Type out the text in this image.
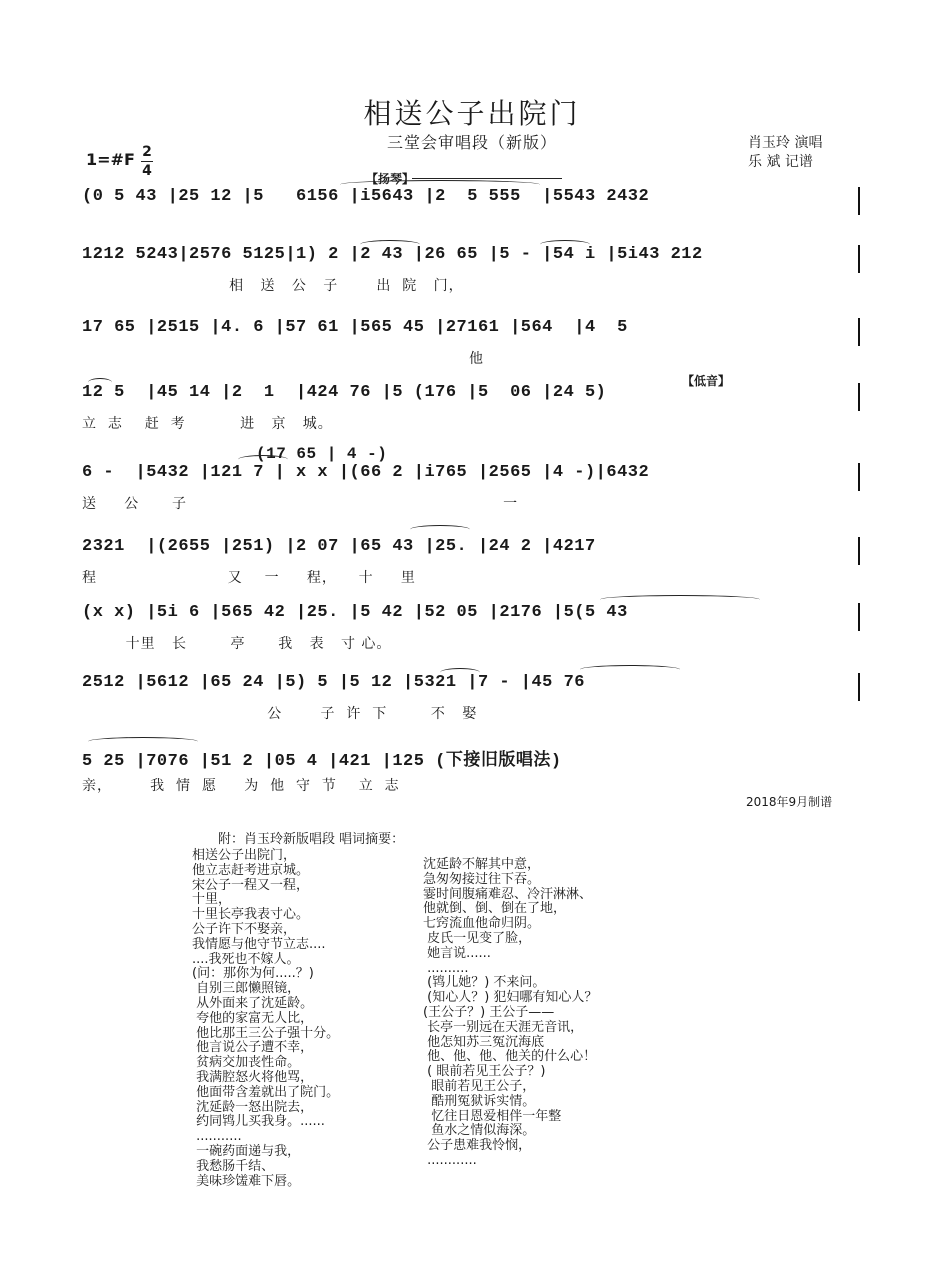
相送公子出院门
三堂会审唱段（新版）	肖玉玲 演唱
乐 斌 记谱
1=#F 2
4	【扬琴】
【低音】
(0 5 43 |25 12 |5   6156 |i5643 |2  5 555  |5543 2432
1212 5243|2576 5125|1) 2 |2 43 |26 65 |5 - |54 i |5i43 212
相   送   公   子       出  院   门，
17 65 |2515 |4. 6 |57 61 |565 45 |27161 |564  |4  5
他
12 5  |45 14 |2  1  |424 76 |5 (176 |5  06 |24 5)
立  志    赶  考          进   京   城。
6 -  |5432 |121 7 | x x |(66 2 |i765 |2565 |4 -)|6432
送     公      子                                                          一
2321  |(2655 |251) |2 07 |65 43 |25. |24 2 |4217
程                        又    一     程，    十     里
(x x) |5i 6 |565 42 |25. |5 42 |52 05 |2176 |5(5 43
十里   长        亭      我   表   寸 心。
2512 |5612 |65 24 |5) 5 |5 12 |5321 |7 - |45 76
公       子  许  下        不   娶
5 25 |7076 |51 2 |05 4 |421 |125 (下接旧版唱法)
亲，       我  情  愿     为  他  守  节    立  志
(17 65 | 4 -)
2018年9月制谱
附：肖玉玲新版唱段 唱词摘要：
相送公子出院门，
他立志赶考进京城。
宋公子一程又一程，
十里，
十里长亭我表寸心。
公子许下不娶亲，
我情愿与他守节立志....
....我死也不嫁人。
(问：那你为何.....？)
自别三郎懒照镜，
从外面来了沈延龄。
夸他的家富无人比，
他比那王三公子强十分。
他言说公子遭不幸，
贫病交加丧性命。
我满腔怒火将他骂，
他面带含羞就出了院门。
沈延龄一怒出院去，
约同鸨儿买我身。......
...........
一碗药面递与我，
我愁肠千结、
美味珍馐难下唇。
沈延龄不解其中意，
急匆匆接过往下吞。
霎时间腹痛难忍、冷汗淋淋、
他就倒、倒、倒在了地，
七窍流血他命归阴。
皮氏一见变了脸，
她言说......
..........
(鸨儿她？) 不来问。
(知心人？) 犯妇哪有知心人？
(王公子？) 王公子——
长亭一别远在天涯无音讯，
他怎知苏三冤沉海底
他、他、他、他关的什么心！
( 眼前若见王公子？)
眼前若见王公子，
酷刑冤狱诉实情。
忆往日恩爱相伴一年整
鱼水之情似海深。
公子患难我怜悯，
............
